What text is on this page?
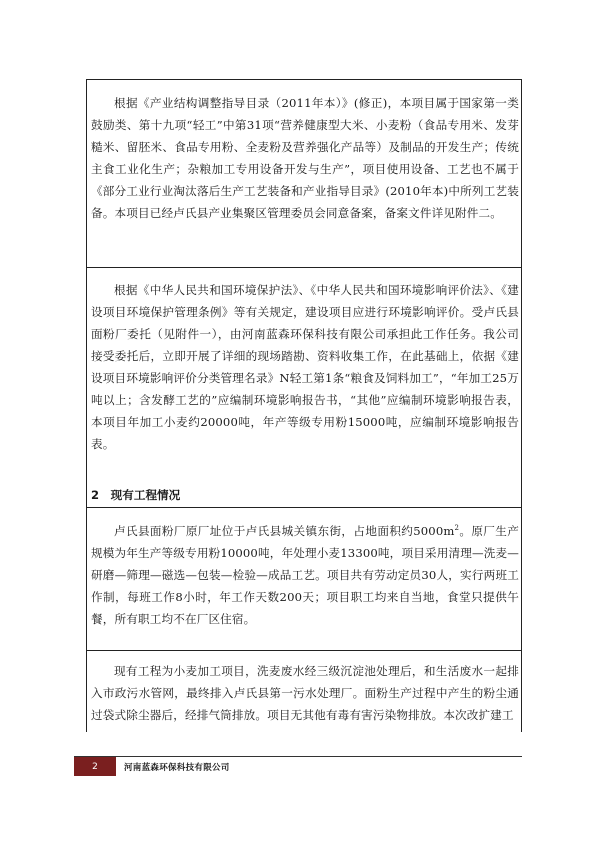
根据《产业结构调整指导目录（2011年本）》(修正)，本项目属于国家第一类鼓励类、第十九项“轻工”中第31项“营养健康型大米、小麦粉（食品专用米、发芽糙米、留胚米、食品专用粉、全麦粉及营养强化产品等）及制品的开发生产；传统主食工业化生产；杂粮加工专用设备开发与生产”，项目使用设备、工艺也不属于《部分工业行业淘汰落后生产工艺装备和产业指导目录》(2010年本)中所列工艺装备。本项目已经卢氏县产业集聚区管理委员会同意备案，备案文件详见附件二。

根据《中华人民共和国环境保护法》、《中华人民共和国环境影响评价法》、《建设项目环境保护管理条例》等有关规定，建设项目应进行环境影响评价。受卢氏县面粉厂委托（见附件一），由河南蓝森环保科技有限公司承担此工作任务。我公司接受委托后，立即开展了详细的现场踏勘、资料收集工作，在此基础上，依据《建设项目环境影响评价分类管理名录》N轻工第1条“粮食及饲料加工”，“年加工25万吨以上；含发酵工艺的”应编制环境影响报告书，“其他”应编制环境影响报告表，本项目年加工小麦约20000吨，年产等级专用粉15000吨，应编制环境影响报告表。

2　现有工程情况

卢氏县面粉厂原厂址位于卢氏县城关镇东街，占地面积约$5000m^2$。原厂生产规模为年生产等级专用粉10000吨，年处理小麦13300吨，项目采用清理—洗麦—研磨—筛理—磁选—包装—检验—成品工艺。项目共有劳动定员30人，实行两班工作制，每班工作8小时，年工作天数200天；项目职工均来自当地，食堂只提供午餐，所有职工均不在厂区住宿。

现有工程为小麦加工项目，洗麦废水经三级沉淀池处理后，和生活废水一起排入市政污水管网，最终排入卢氏县第一污水处理厂。面粉生产过程中产生的粉尘通过袋式除尘器后，经排气筒排放。项目无其他有毒有害污染物排放。本次改扩建工

2	河南蓝森环保科技有限公司
